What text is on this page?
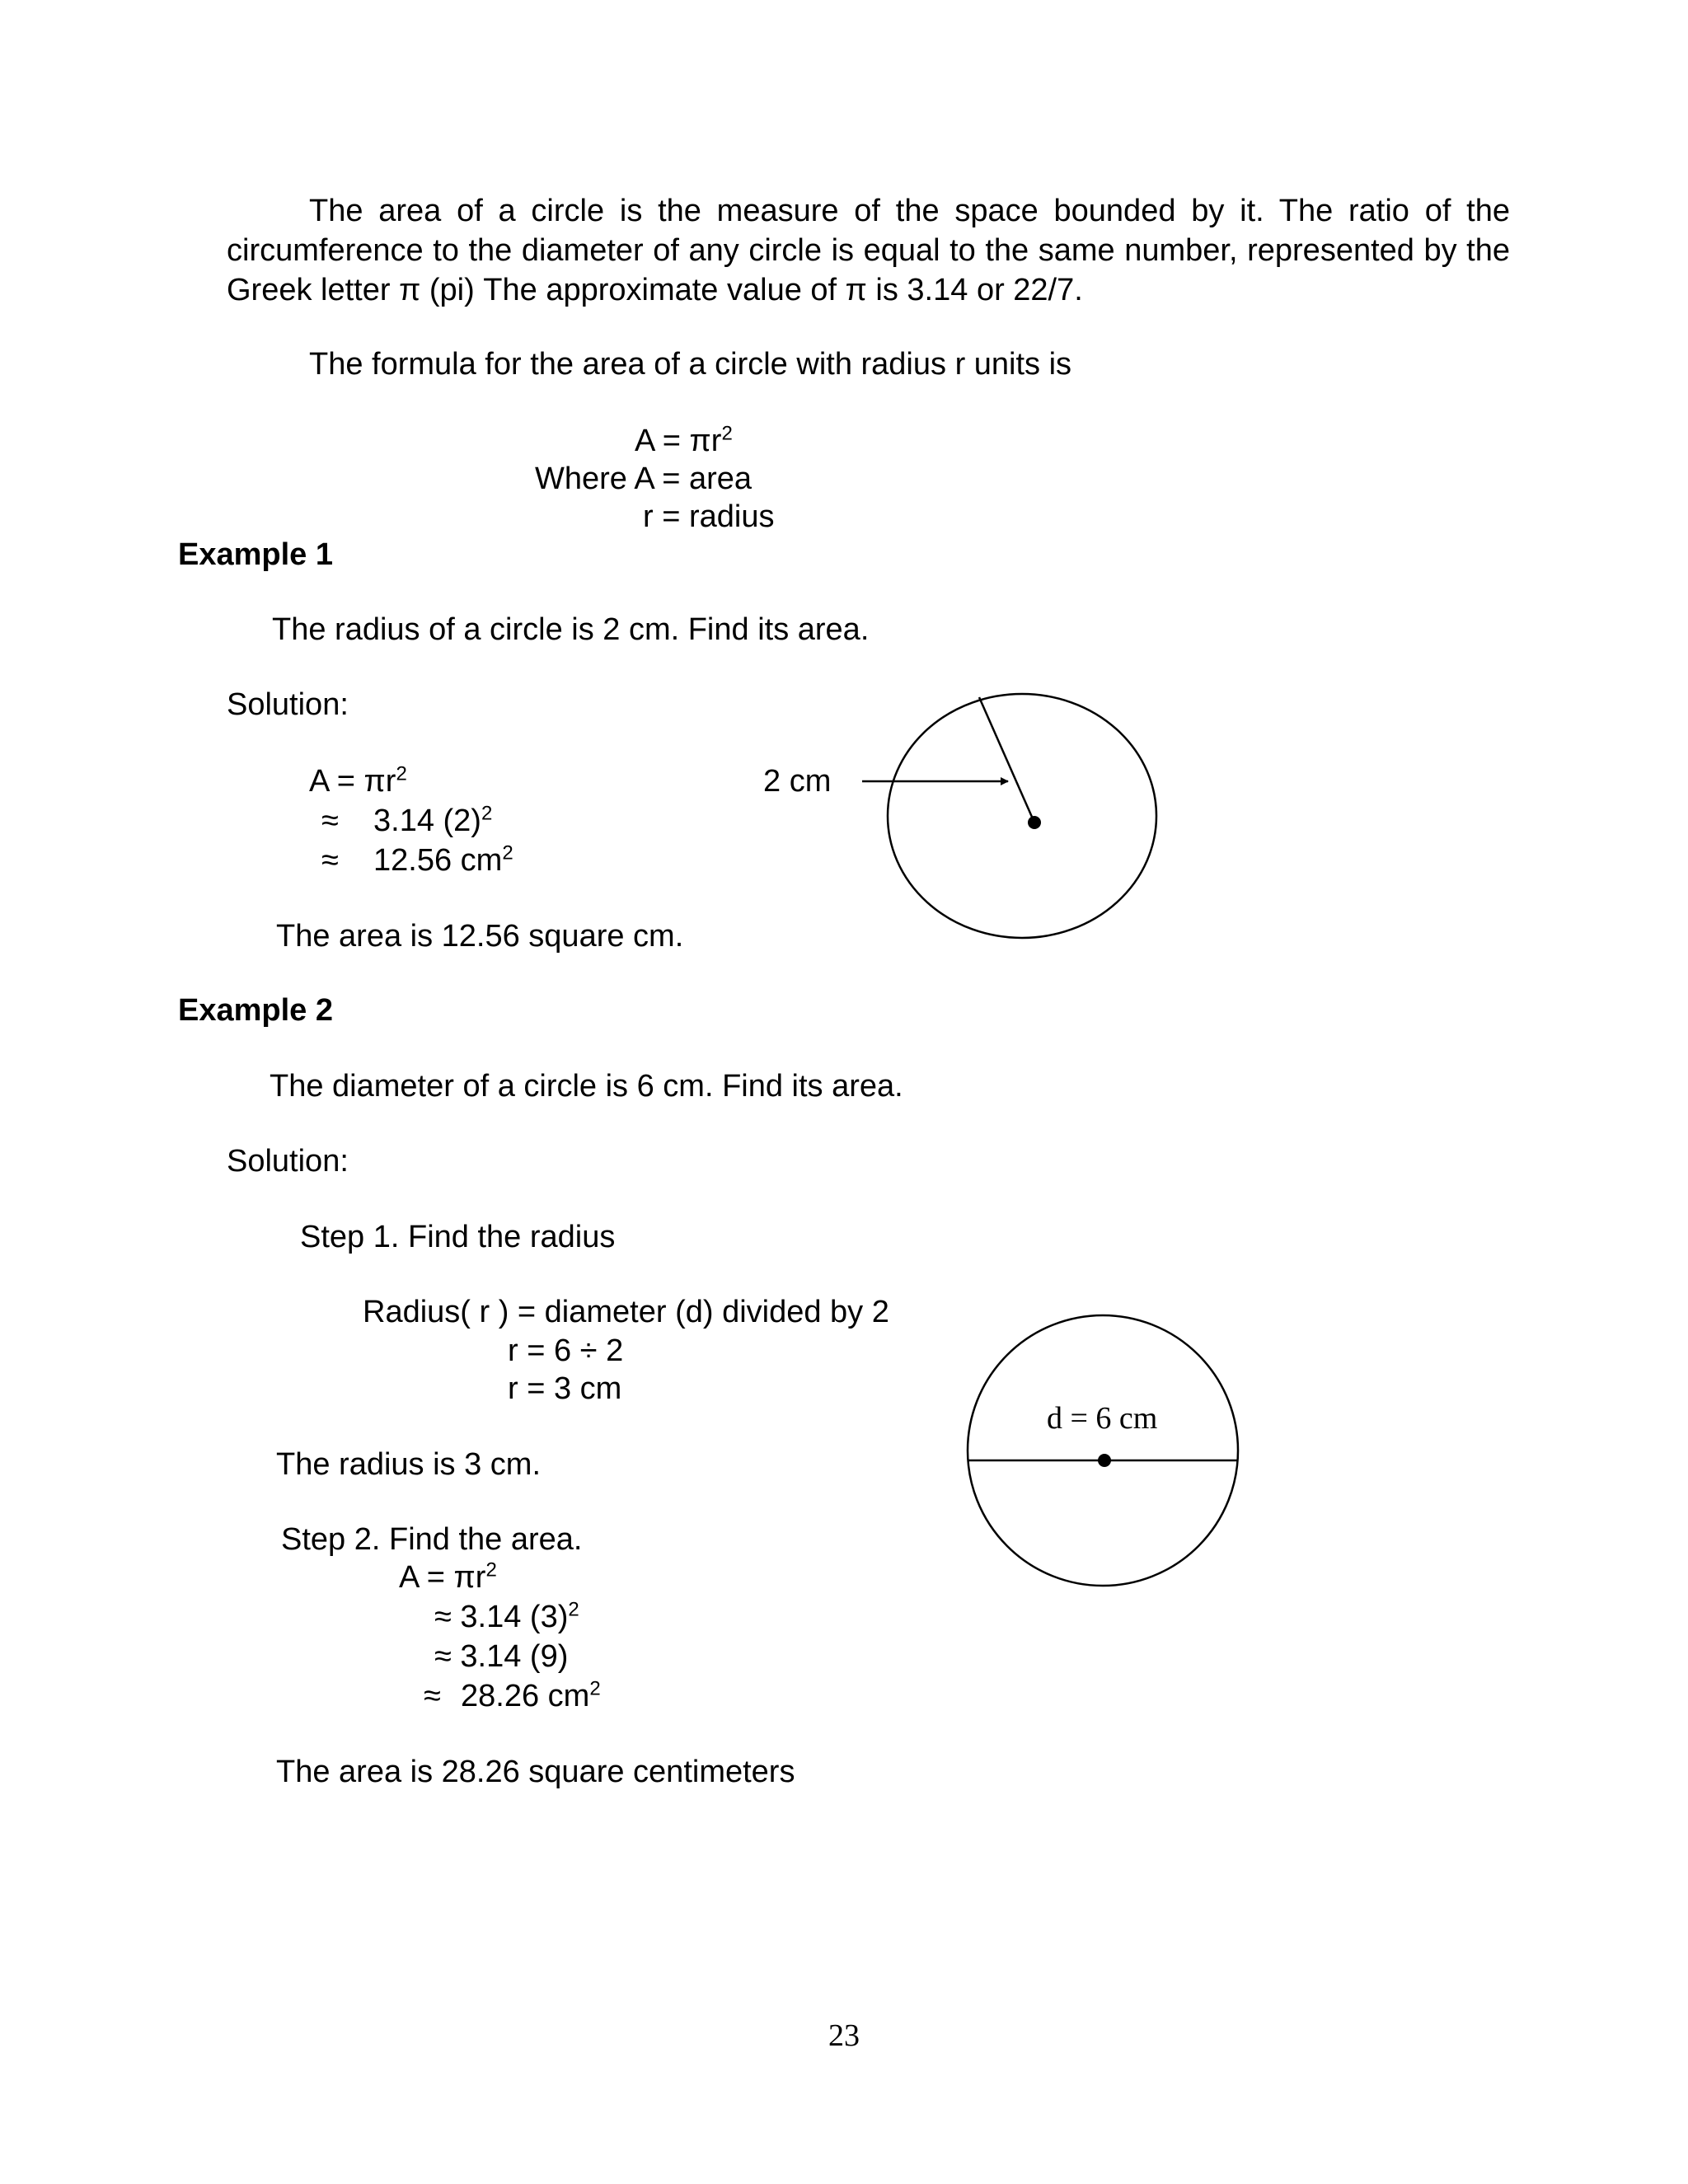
The area of a circle is the measure of the space bounded by it. The ratio of the circumference to the diameter of any circle is equal to the same number, represented by the Greek letter π (pi) The approximate value of π is 3.14 or 22/7.
The formula for the area of a circle with radius r units is
$A = \pi r^2$
Where A = area
r = radius
Example 1
The radius of a circle is 2 cm. Find its area.
Solution:
$A = \pi r^2$
≈ 3.14 $(2)^2$
≈ 12.56 $cm^2$
The area is 12.56 square cm.
2 cm
Example 2
The diameter of a circle is 6 cm. Find its area.
Solution:
Step 1. Find the radius
Radius( r ) = diameter (d) divided by 2
r = 6 ÷ 2
r = 3 cm
The radius is 3 cm.
Step 2. Find the area.
$A = \pi r^2$
≈ 3.14 $(3)^2$
≈ 3.14 (9)
≈ 28.26 $cm^2$
The area is 28.26 square centimeters
d = 6 cm
23
